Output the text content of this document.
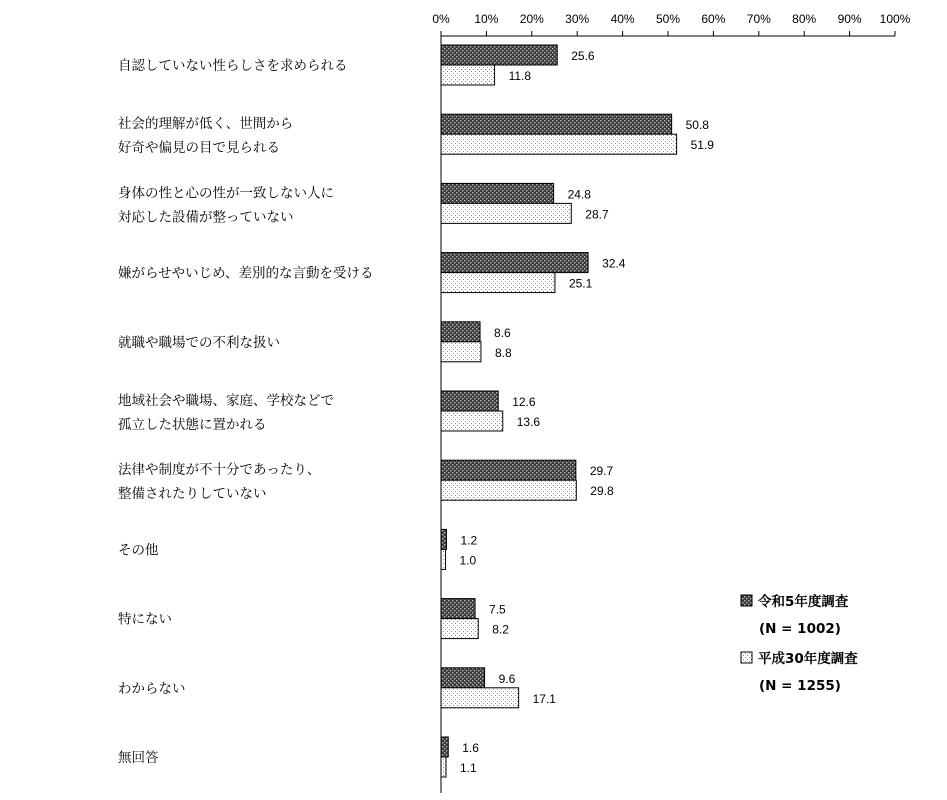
0% 10% 20% 30% 40% 50% 60% 70% 80% 90% 100%
自認していない性らしさを求められる
25.6
11.8
社会的理解が低く、世間から
好奇や偏見の目で見られる
50.8
51.9
身体の性と心の性が一致しない人に
対応した設備が整っていない
24.8
28.7
嫌がらせやいじめ、差別的な言動を受ける
32.4
25.1
就職や職場での不利な扱い
8.6
8.8
地域社会や職場、家庭、学校などで
孤立した状態に置かれる
12.6
13.6
法律や制度が不十分であったり、
整備されたりしていない
29.7
29.8
その他
1.2
1.0
特にない
7.5
8.2
わからない
9.6
17.1
無回答
1.6
1.1
令和5年度調査
(N = 1002)
平成30年度調査
(N = 1255)
